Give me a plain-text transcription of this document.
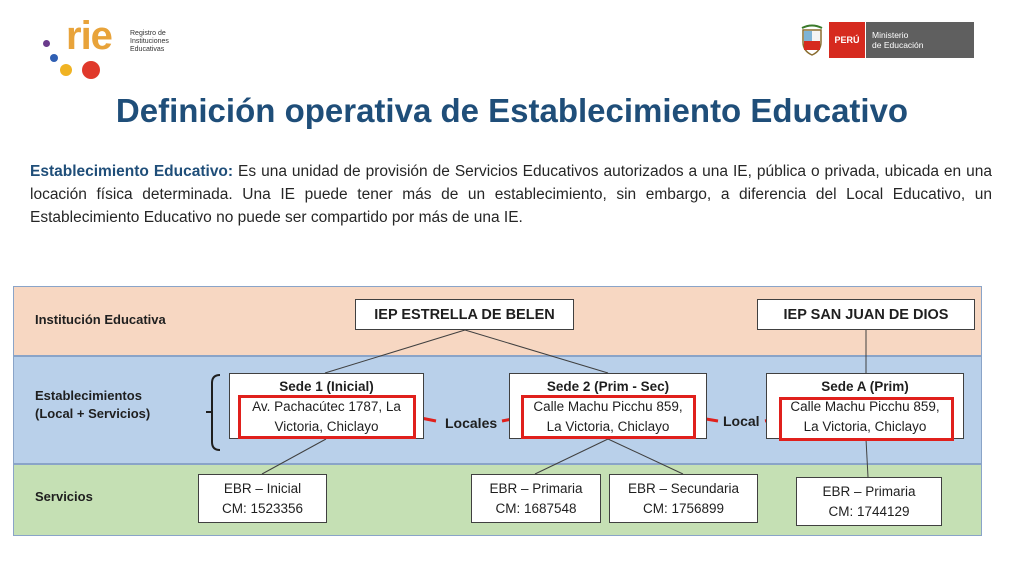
rie	Registro de
Instituciones
Educativas
PERÚ	Ministerio
de Educación
Definición operativa de Establecimiento Educativo
Establecimiento Educativo: Es una unidad de provisión de Servicios Educativos autorizados a una IE, pública o privada, ubicada en una locación física determinada. Una IE puede tener más de un establecimiento, sin embargo, a diferencia del Local Educativo, un Establecimiento Educativo no puede ser compartido por más de una IE.
Institución Educativa
Establecimientos
(Local + Servicios)
Servicios
IEP ESTRELLA DE BELEN	IEP SAN JUAN DE DIOS
Sede 1 (Inicial)
Av. Pachacútec 1787, La
Victoria, Chiclayo
Sede 2 (Prim - Sec)
Calle Machu Picchu 859,
La Victoria, Chiclayo
Sede A (Prim)
Calle Machu Picchu 859,
La Victoria, Chiclayo
Locales	Local
EBR – Inicial
CM: 1523356
EBR – Primaria
CM: 1687548
EBR – Secundaria
CM: 1756899
EBR – Primaria
CM: 1744129
